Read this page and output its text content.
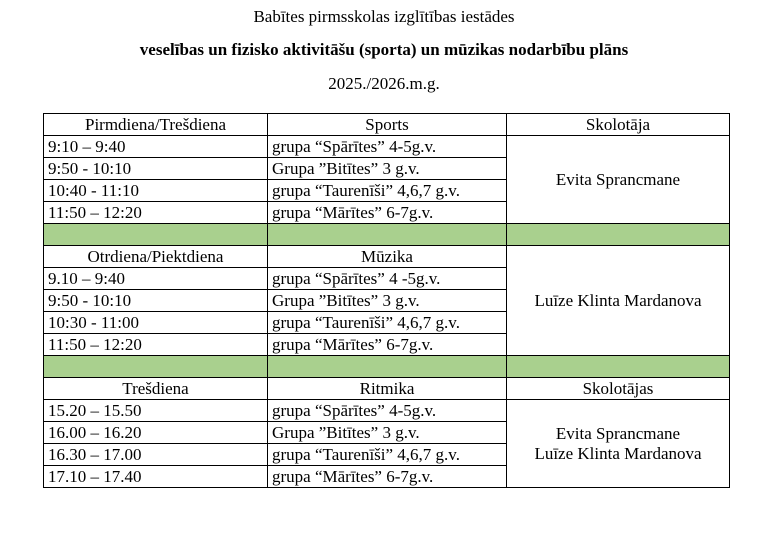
Babītes pirmsskolas izglītības iestādes

veselības un fizisko aktivitāšu (sporta) un mūzikas nodarbību plāns

2025./2026.m.g.

Pirmdiena/Trešdiena	Sports	Skolotāja
9:10 – 9:40	grupa “Spārītes” 4-5g.v.	Evita Sprancmane
9:50 - 10:10	Grupa ”Bitītes” 3 g.v.	
10:40 - 11:10	grupa “Taurenīši” 4,6,7 g.v.	
11:50 – 12:20	grupa “Mārītes” 6-7g.v.	

Otrdiena/Piektdiena	Mūzika	Luīze Klinta Mardanova
9.10 – 9:40	grupa “Spārītes” 4 -5g.v.	
9:50 - 10:10	Grupa ”Bitītes” 3 g.v.	
10:30 - 11:00	grupa “Taurenīši” 4,6,7 g.v.	
11:50 – 12:20	grupa “Mārītes” 6-7g.v.	

Trešdiena	Ritmika	Skolotājas
15.20 – 15.50	grupa “Spārītes” 4-5g.v.	Evita Sprancmane
Luīze Klinta Mardanova

16.00 – 16.20	Grupa ”Bitītes” 3 g.v.	
16.30 – 17.00	grupa “Taurenīši” 4,6,7 g.v.	
17.10 – 17.40	grupa “Mārītes” 6-7g.v.	
